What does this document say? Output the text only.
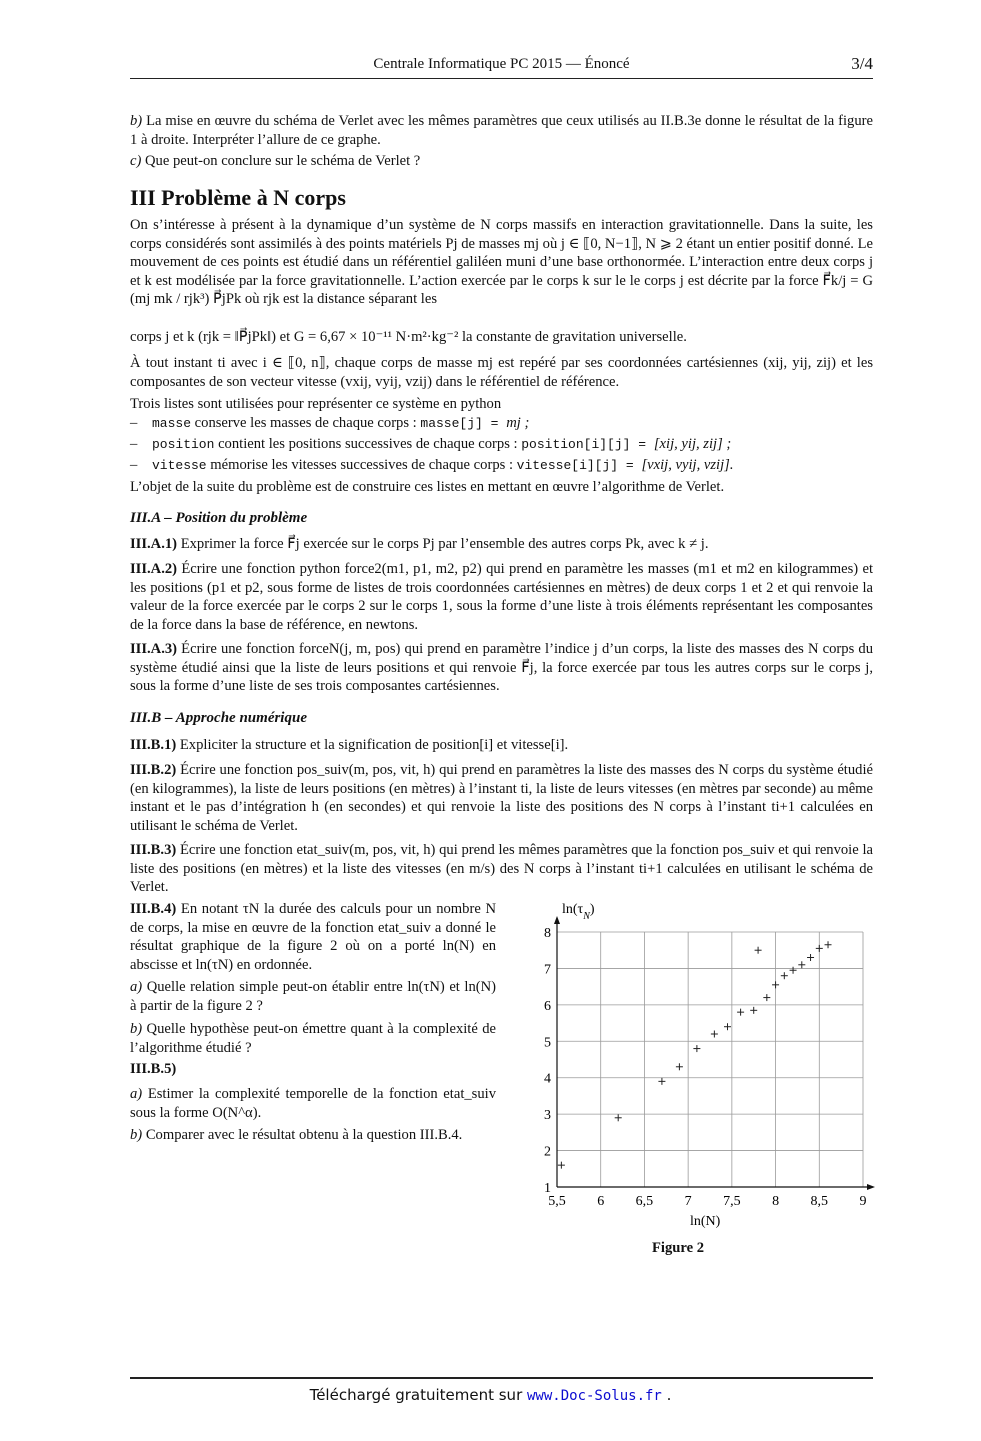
Centrale Informatique PC 2015 — Énoncé	3/4
b) La mise en œuvre du schéma de Verlet avec les mêmes paramètres que ceux utilisés au II.B.3e donne le résultat de la figure 1 à droite. Interpréter l’allure de ce graphe.
c) Que peut-on conclure sur le schéma de Verlet ?
III Problème à N corps
On s’intéresse à présent à la dynamique d’un système de N corps massifs en interaction gravitationnelle. Dans la suite, les corps considérés sont assimilés à des points matériels Pj de masses mj où j ∈ ⟦0, N−1⟧, N ⩾ 2 étant un entier positif donné. Le mouvement de ces points est étudié dans un référentiel galiléen muni d’une base orthonormée. L’interaction entre deux corps j et k est modélisée par la force gravitationnelle. L’action exercée par le corps k sur le le corps j est décrite par la force F⃗k/j = G (mj mk / rjk³) P⃗jPk où rjk est la distance séparant les
corps j et k (rjk = ‖P⃗jPk‖) et G = 6,67 × 10⁻¹¹ N·m²·kg⁻² la constante de gravitation universelle.
À tout instant ti avec i ∈ ⟦0, n⟧, chaque corps de masse mj est repéré par ses coordonnées cartésiennes (xij, yij, zij) et les composantes de son vecteur vitesse (vxij, vyij, vzij) dans le référentiel de référence.
Trois listes sont utilisées pour représenter ce système en python
– masse conserve les masses de chaque corps : masse[j] = mj ;
– position contient les positions successives de chaque corps : position[i][j] = [xij, yij, zij] ;
– vitesse mémorise les vitesses successives de chaque corps : vitesse[i][j] = [vxij, vyij, vzij].
L’objet de la suite du problème est de construire ces listes en mettant en œuvre l’algorithme de Verlet.
III.A – Position du problème
III.A.1) Exprimer la force F⃗j exercée sur le corps Pj par l’ensemble des autres corps Pk, avec k ≠ j.
III.A.2) Écrire une fonction python force2(m1, p1, m2, p2) qui prend en paramètre les masses (m1 et m2 en kilogrammes) et les positions (p1 et p2, sous forme de listes de trois coordonnées cartésiennes en mètres) de deux corps 1 et 2 et qui renvoie la valeur de la force exercée par le corps 2 sur le corps 1, sous la forme d’une liste à trois éléments représentant les composantes de la force dans la base de référence, en newtons.
III.A.3) Écrire une fonction forceN(j, m, pos) qui prend en paramètre l’indice j d’un corps, la liste des masses des N corps du système étudié ainsi que la liste de leurs positions et qui renvoie F⃗j, la force exercée par tous les autres corps sur le corps j, sous la forme d’une liste de ses trois composantes cartésiennes.
III.B – Approche numérique
III.B.1) Expliciter la structure et la signification de position[i] et vitesse[i].
III.B.2) Écrire une fonction pos_suiv(m, pos, vit, h) qui prend en paramètres la liste des masses des N corps du système étudié (en kilogrammes), la liste de leurs positions (en mètres) à l’instant ti, la liste de leurs vitesses (en mètres par seconde) au même instant et le pas d’intégration h (en secondes) et qui renvoie la liste des positions des N corps à l’instant ti+1 calculées en utilisant le schéma de Verlet.
III.B.3) Écrire une fonction etat_suiv(m, pos, vit, h) qui prend les mêmes paramètres que la fonction pos_suiv et qui renvoie la liste des positions (en mètres) et la liste des vitesses (en m/s) des N corps à l’instant ti+1 calculées en utilisant le schéma de Verlet.
III.B.4) En notant τN la durée des calculs pour un nombre N de corps, la mise en œuvre de la fonction etat_suiv a donné le résultat graphique de la figure 2 où on a porté ln(N) en abscisse et ln(τN) en ordonnée.
a) Quelle relation simple peut-on établir entre ln(τN) et ln(N) à partir de la figure 2 ?
b) Quelle hypothèse peut-on émettre quant à la complexité de l’algorithme étudié ?
III.B.5)
a) Estimer la complexité temporelle de la fonction etat_suiv sous la forme O(N^α).
b) Comparer avec le résultat obtenu à la question III.B.4.
5,5 6 6,5 7 7,5 8 8,5 9
1
2
3
4
5
6
7
8
$\ln(\tau_N)$
ln(N)
Figure 2
Téléchargé gratuitement sur www.Doc-Solus.fr .
